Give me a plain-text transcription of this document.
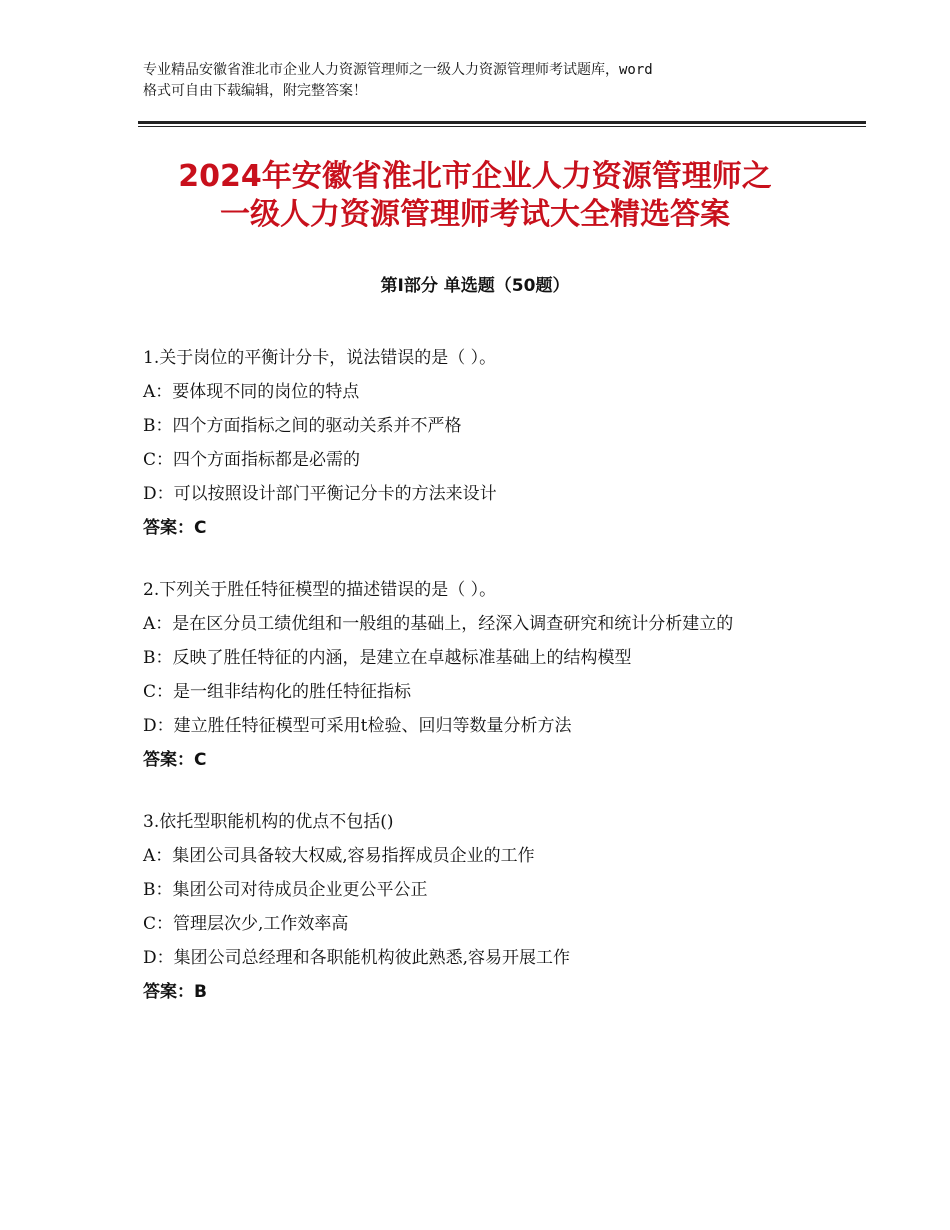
专业精品安徽省淮北市企业人力资源管理师之一级人力资源管理师考试题库，word
格式可自由下载编辑，附完整答案！
2024年安徽省淮北市企业人力资源管理师之
一级人力资源管理师考试大全精选答案
第Ⅰ部分 单选题（50题）
1.关于岗位的平衡计分卡，说法错误的是（ ）。
A：要体现不同的岗位的特点
B：四个方面指标之间的驱动关系并不严格
C：四个方面指标都是必需的
D：可以按照设计部门平衡记分卡的方法来设计
答案：C
2.下列关于胜任特征模型的描述错误的是（ ）。
A：是在区分员工绩优组和一般组的基础上，经深入调查研究和统计分析建立的
B：反映了胜任特征的内涵，是建立在卓越标准基础上的结构模型
C：是一组非结构化的胜任特征指标
D：建立胜任特征模型可采用t检验、回归等数量分析方法
答案：C
3.依托型职能机构的优点不包括()
A：集团公司具备较大权威,容易指挥成员企业的工作
B：集团公司对待成员企业更公平公正
C：管理层次少,工作效率高
D：集团公司总经理和各职能机构彼此熟悉,容易开展工作
答案：B
